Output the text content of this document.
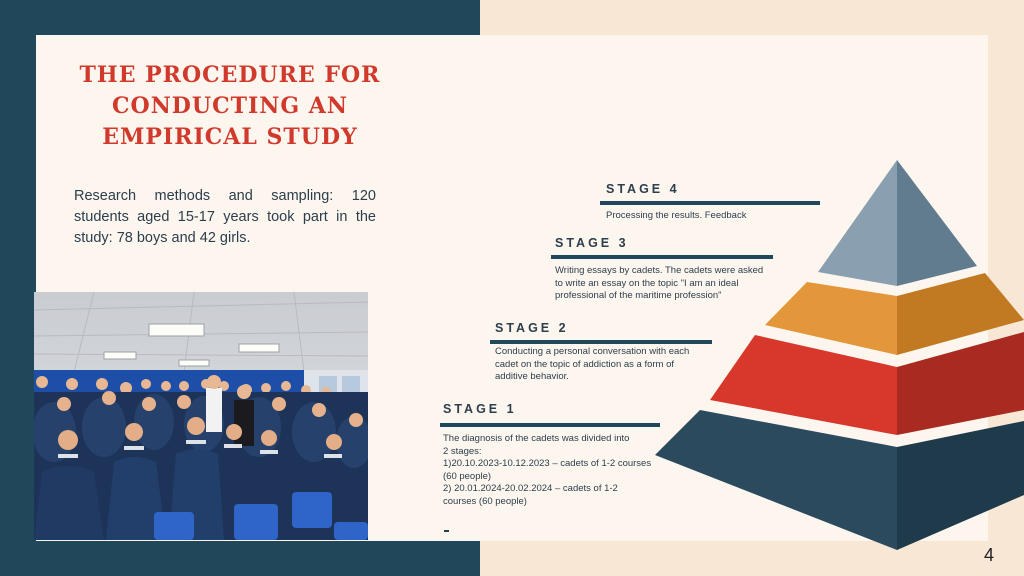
THE PROCEDURE FOR CONDUCTING AN EMPIRICAL STUDY

Research methods and sampling: 120 students aged 15-17 years took part in the study: 78 boys and 42 girls.

STAGE 4

Processing the results. Feedback

STAGE 3

Writing essays by cadets. The cadets were asked
to write an essay on the topic "I am an ideal
professional of the maritime profession"

STAGE 2

Conducting a personal conversation with each
cadet on the topic of addiction as a form of
additive behavior.

STAGE 1

The diagnosis of the cadets was divided into
2 stages:
1)20.10.2023-10.12.2023 – cadets of 1-2 courses
(60 people)
2) 20.01.2024-20.02.2024 – cadets of 1-2
courses (60 people)

4
